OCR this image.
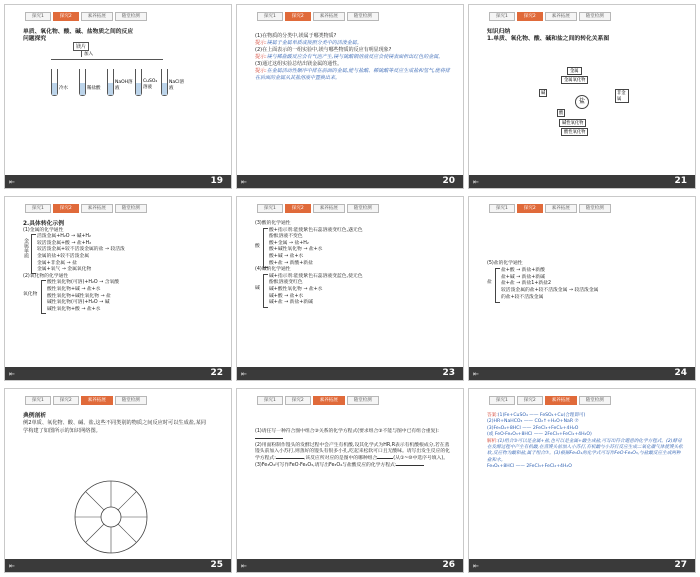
探究1	探究2	素养拓展	随堂检测
单质、氧化物、酸、碱、盐物质之间的反应
问题探究
镁片
加入
冷水	稀盐酸
NaOH溶液
CuSO₄溶液
NaCl溶液
⇤	19
探究1	探究2	素养拓展	随堂检测
(1)在物质的分类中,镁属于哪类物质?
提示:镁属于金属单质或按照分类中的活泼金属。
(2)在上面表示的一组实验中,镁与哪些物质的反应有明显现象?
提示:镁与稀盐酸反应会有气泡产生,镁与硫酸铜溶液反应会使镁表面析出红色的金属。
(3)通过这组实验总结出镁金属的通性。
提示:在金属活动性顺序中排在前面的金属,能与盐酸、稀硫酸等反应生成盐和氢气,能将排在后面的金属从其盐溶液中置换出来。
⇤	20
探究1	探究2	素养拓展	随堂检测
知识归纳
1.单质、氧化物、酸、碱和盐之间的转化关系图
金属
金属氧化物
碱	非金属
盐
酸
碱性氧化物
酸性氧化物
⇤	21
探究1	探究2	素养拓展	随堂检测
2.具体转化示例
(1)金属的化学通性
金属单质
活泼金属+H₂O → 碱+H₂
较活泼金属+酸 → 盐+H₂
较活泼金属+较不活泼金属的盐 → 较活泼
金属的盐+较不活泼金属
金属+非金属 → 盐
金属+氧气 → 金属氧化物
(2)氧化物的化学通性
氧化物
酸性氧化物(可溶)+H₂O → 含氧酸
酸性氧化物+碱 → 盐+水
酸性氧化物+碱性氧化物 → 盐
碱性氧化物(可溶)+H₂O → 碱
碱性氧化物+酸 → 盐+水
⇤	22
探究1	探究2	素养拓展	随堂检测
(3)酸的化学通性
酸
酸+指示剂:能使紫色石蕊溶液变红色,遇无色
酚酞溶液不变色
酸+金属 → 盐+H₂
酸+碱性氧化物 → 盐+水
酸+碱 → 盐+水
酸+盐 → 新酸+新盐
(4)碱的化学通性
碱
碱+指示剂:能使紫色石蕊溶液变蓝色,使无色
酚酞溶液变红色
碱+酸性氧化物 → 盐+水
碱+酸 → 盐+水
碱+盐 → 新盐+新碱
⇤	23
探究1	探究2	素养拓展	随堂检测
(5)盐的化学通性
盐
盐+酸 → 新盐+新酸
盐+碱 → 新盐+新碱
盐+盐 → 新盐1+新盐2
较活泼金属的盐+较不活泼金属 → 较活泼金属
的盐+较不活泼金属
⇤	24
探究1	探究2	素养拓展	随堂检测
典例剖析
例2单质、氧化物、酸、碱、盐,这些不同类别的物质之间反应时可以生成盐,某同学构建了如图所示的知识网络图。
⇤	25
探究1	探究2	素养拓展	随堂检测
(1)请任写一种符合图中组合③关系的化学方程式(要求组合③不能与图中已有组合重复):
(2)用面粉制作馒头的发酵过程中会产生有机酸,设其化学式为HR,R表示有机酸根成分,若在蒸馒头前加入小苏打,则蒸好的馒头有很多小孔,吃起来松软可口且无酸味。请写出发生反应的化学方程式:	,该反应所对应的是图中的哪种组合	(从①~⑩中选序号填入)。
(3)Fe₃O₄可写作FeO·Fe₂O₃,请写出Fe₃O₄与盐酸反应的化学方程式:
⇤	26
探究1	探究2	素养拓展	随堂检测
答案:(1)Fe+CuSO₄ —— FeSO₄+Cu(合理即可)
(2)HR+NaHCO₃ —— CO₂↑+H₂O+NaR ⑦
(3)Fe₃O₄+8HCl —— 2FeCl₃+FeCl₂+4H₂O
(或 FeO·Fe₂O₃+8HCl —— 2FeCl₃+FeCl₂+4H₂O)
解析:(1)组合③可以是金属+盐,也可以是金属+酸生成盐,可写出符合题意的化学方程式。(2)酵母在发酵过程中产生有机酸,在蒸馒头前加入小苏打,有机酸与小苏打反应生成二氧化碳气体使馒头松软,反应物为酸和盐,属于组合⑦。(3)根据Fe₃O₄的化学式可写作FeO·Fe₂O₃,与盐酸反应生成两种盐和水。
Fe₃O₄+8HCl —— 2FeCl₃+FeCl₂+4H₂O
⇤	27
